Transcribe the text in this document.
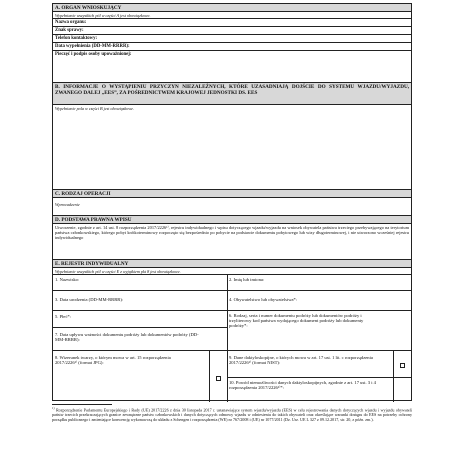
A. ORGAN WNIOSKUJĄCY
Wypełnianie wszystkich pól w części A jest obowiązkowe.
Nazwa organu:
Znak sprawy:
Telefon kontaktowy:
Data wypełnienia (DD-MM-RRRR):
Pieczęć i podpis osoby upoważnionej:
B. INFORMACJE O WYSTĄPIENIU PRZYCZYN NIEZALEŻNYCH, KTÓRE UZASADNIAJĄ DOJŚCIE DO SYSTEMU WJAZDU/WYJAZDU, ZWANEGO DALEJ „EES”, ZA POŚREDNICTWEM KRAJOWEJ JEDNOSTKI DS. EES
Wypełnianie pola w części B jest obowiązkowe.
C. RODZAJ OPERACJI
Wprowadzenie
D. PODSTAWA PRAWNA WPISU
Utworzenie, zgodnie z art. 14 ust. 8 rozporządzenia 2017/2226¹⁾, rejestru indywidualnego i wpisu dotyczącego wjazdu/wyjazdu na wniosek obywatela państwa trzeciego przebywającego na terytorium państwa członkowskiego, którego pobyt krótkoterminowy rozpoczęto się bezpośrednio po pobycie na podstawie dokumentu pobytowego lub wizy długoterminowej, i nie utworzono wcześniej rejestru indywidualnego
E. REJESTR INDYWIDUALNY
Wypełnianie wszystkich pól w części E z wyjątkiem pkt 8 jest obowiązkowe.
1. Nazwisko:	2. Imię lub imiona:
3. Data urodzenia (DD-MM-RRRR):	4. Obywatelstwo lub obywatelstwa*:
5. Płeć*:	6. Rodzaj, seria i numer dokumentu podróży lub dokumentów podróży i trzyliterowy kod państwa wydającego dokument podróży lub dokumenty podróży*:
7. Data upływu ważności dokumentu podróży lub dokumentów podróży (DD-MM-RRRR):
8. Wizerunek twarzy, o którym mowa w art. 15 rozporządzenia 2017/2226¹⁾ (format JPG):
9. Dane daktyloskopijne, o których mowa w art. 17 ust. 1 lit. c rozporządzenia 2017/2226¹⁾ (format NIST):
10. Powód niemożliwości danych daktyloskopijnych, zgodnie z art. 17 ust. 3 i 4 rozporządzenia 2017/2226¹⁾*:
$^{1)}$ Rozporządzenie Parlamentu Europejskiego i Rady (UE) 2017/2226 z dnia 30 listopada 2017 r. ustanawiające system wjazdu/wyjazdu (EES) w celu rejestrowania danych dotyczących wjazdu i wyjazdu obywateli państw trzecich przekraczających granice zewnętrzne państw członkowskich i danych dotyczących odmowy wjazdu w odniesieniu do takich obywateli oraz określające warunki dostępu do EES na potrzeby ochrony porządku publicznego i zmieniające konwencję wykonawczą do układu z Schengen i rozporządzenia (WE) nr 767/2008 i (UE) nr 1077/2011 (Dz. Urz. UE L 327 z 09.12.2017, str. 20, z późn. zm.).
